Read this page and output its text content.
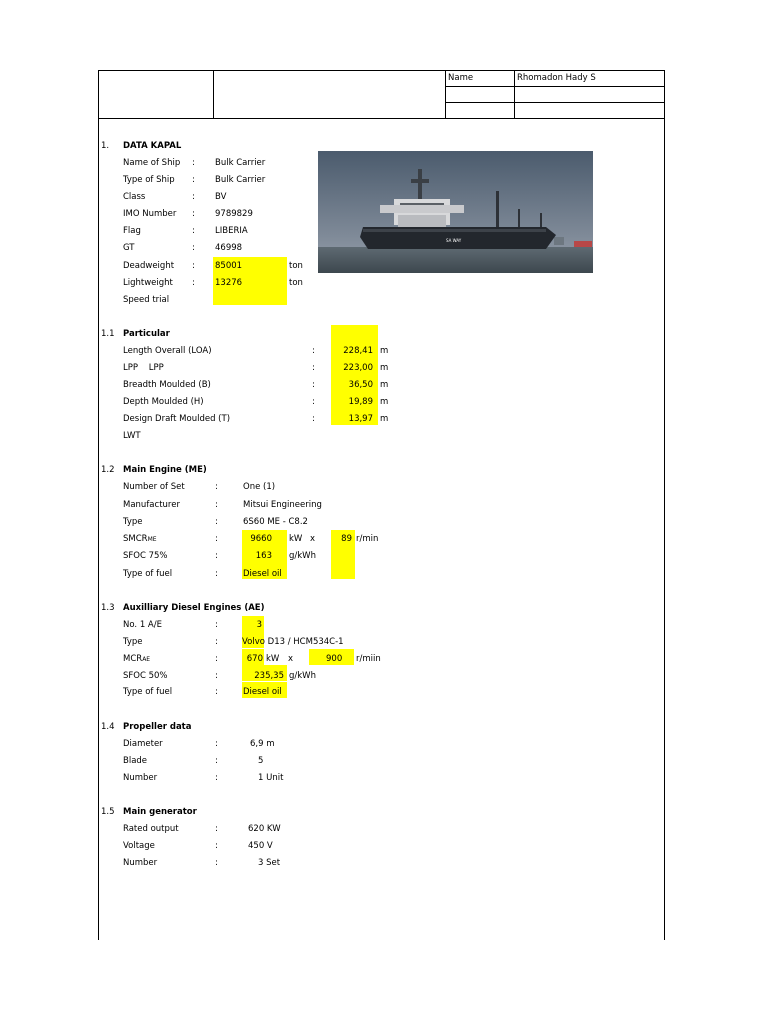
Name	Rhomadon Hady S
1. DATA KAPAL
Name of Ship : Bulk Carrier
Type of Ship : Bulk Carrier
Class	: BV
IMO Number : 9789829
Flag	: LIBERIA
GT	: 46998
Deadweight : 85001	ton
Lightweight : 13276	ton
Speed trial
SA WAY
1.1 Particular
Length Overall (LOA)	:	228,41 m
LPP    LPP	:	223,00 m
Breadth Moulded (B)	:	36,50 m
Depth Moulded (H)	:	19,89 m
Design Draft Moulded (T)	:	13,97 m
LWT
1.2 Main Engine (ME)
Number of Set	:	One (1)
Manufacturer	:	Mitsui Engineering
Type	:	6S60 ME - C8.2
SMCRME	:	9660 kW x	89 r/min
SFOC 75%	:	163 g/kWh
Type of fuel	:	Diesel oil
1.3 Auxilliary Diesel Engines (AE)
No. 1 A/E	:	3
Type	:	Volvo D13 / HCM534C-1
MCRAE	:	670 kW x	900 r/miin
SFOC 50%	:	235,35 g/kWh
Type of fuel	:	Diesel oil
1.4 Propeller data
Diameter	:	6,9 m
Blade	:	5
Number	:	1 Unit
1.5 Main generator
Rated output	:	620 KW
Voltage	:	450 V
Number	:	3 Set
